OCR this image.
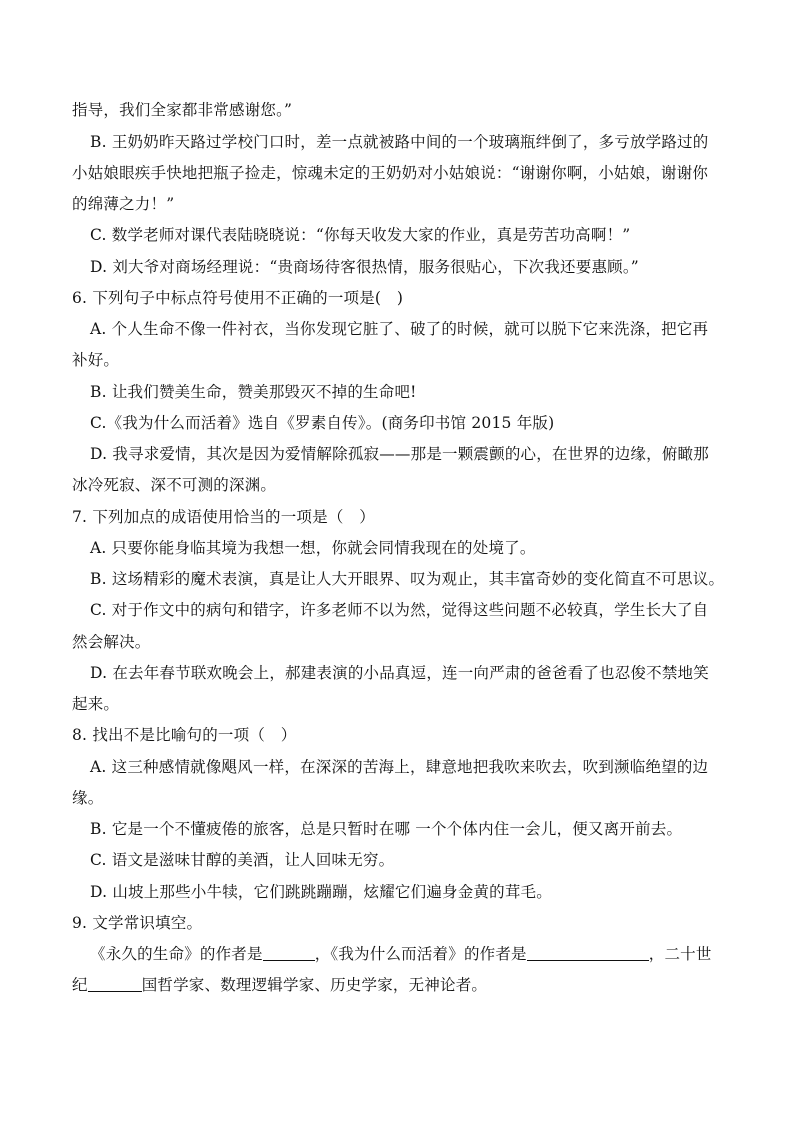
指导，我们全家都非常感谢您。”
B. 王奶奶昨天路过学校门口时，差一点就被路中间的一个玻璃瓶绊倒了，多亏放学路过的
小姑娘眼疾手快地把瓶子捡走，惊魂未定的王奶奶对小姑娘说：“谢谢你啊，小姑娘，谢谢你
的绵薄之力！”
C. 数学老师对课代表陆晓晓说：“你每天收发大家的作业，真是劳苦功高啊！”
D. 刘大爷对商场经理说：“贵商场待客很热情，服务很贴心，下次我还要惠顾。”
6. 下列句子中标点符号使用不正确的一项是(　)
A. 个人生命不像一件衬衣，当你发现它脏了、破了的时候，就可以脱下它来洗涤，把它再
补好。
B. 让我们赞美生命，赞美那毁灭不掉的生命吧!
C.《我为什么而活着》选自《罗素自传》。(商务印书馆 2015 年版)
D. 我寻求爱情，其次是因为爱情解除孤寂——那是一颗震颤的心，在世界的边缘，俯瞰那
冰冷死寂、深不可测的深渊。
7. 下列加点的成语使用恰当的一项是（　）
A. 只要你能身临其境为我想一想，你就会同情我现在的处境了。
B. 这场精彩的魔术表演，真是让人大开眼界、叹为观止，其丰富奇妙的变化简直不可思议。
C. 对于作文中的病句和错字，许多老师不以为然，觉得这些问题不必较真，学生长大了自
然会解决。
D. 在去年春节联欢晚会上，郝建表演的小品真逗，连一向严肃的爸爸看了也忍俊不禁地笑
起来。
8. 找出不是比喻句的一项（　）
A. 这三种感情就像飓风一样，在深深的苦海上，肆意地把我吹来吹去，吹到濒临绝望的边
缘。
B. 它是一个不懂疲倦的旅客，总是只暂时在哪 一个个体内住一会儿，便又离开前去。
C. 语文是滋味甘醇的美酒，让人回味无穷。
D. 山坡上那些小牛犊，它们跳跳蹦蹦，炫耀它们遍身金黄的茸毛。
9. 文学常识填空。
《永久的生命》的作者是	，《我为什么而活着》的作者是	，二十世
纪	国哲学家、数理逻辑学家、历史学家，无神论者。
